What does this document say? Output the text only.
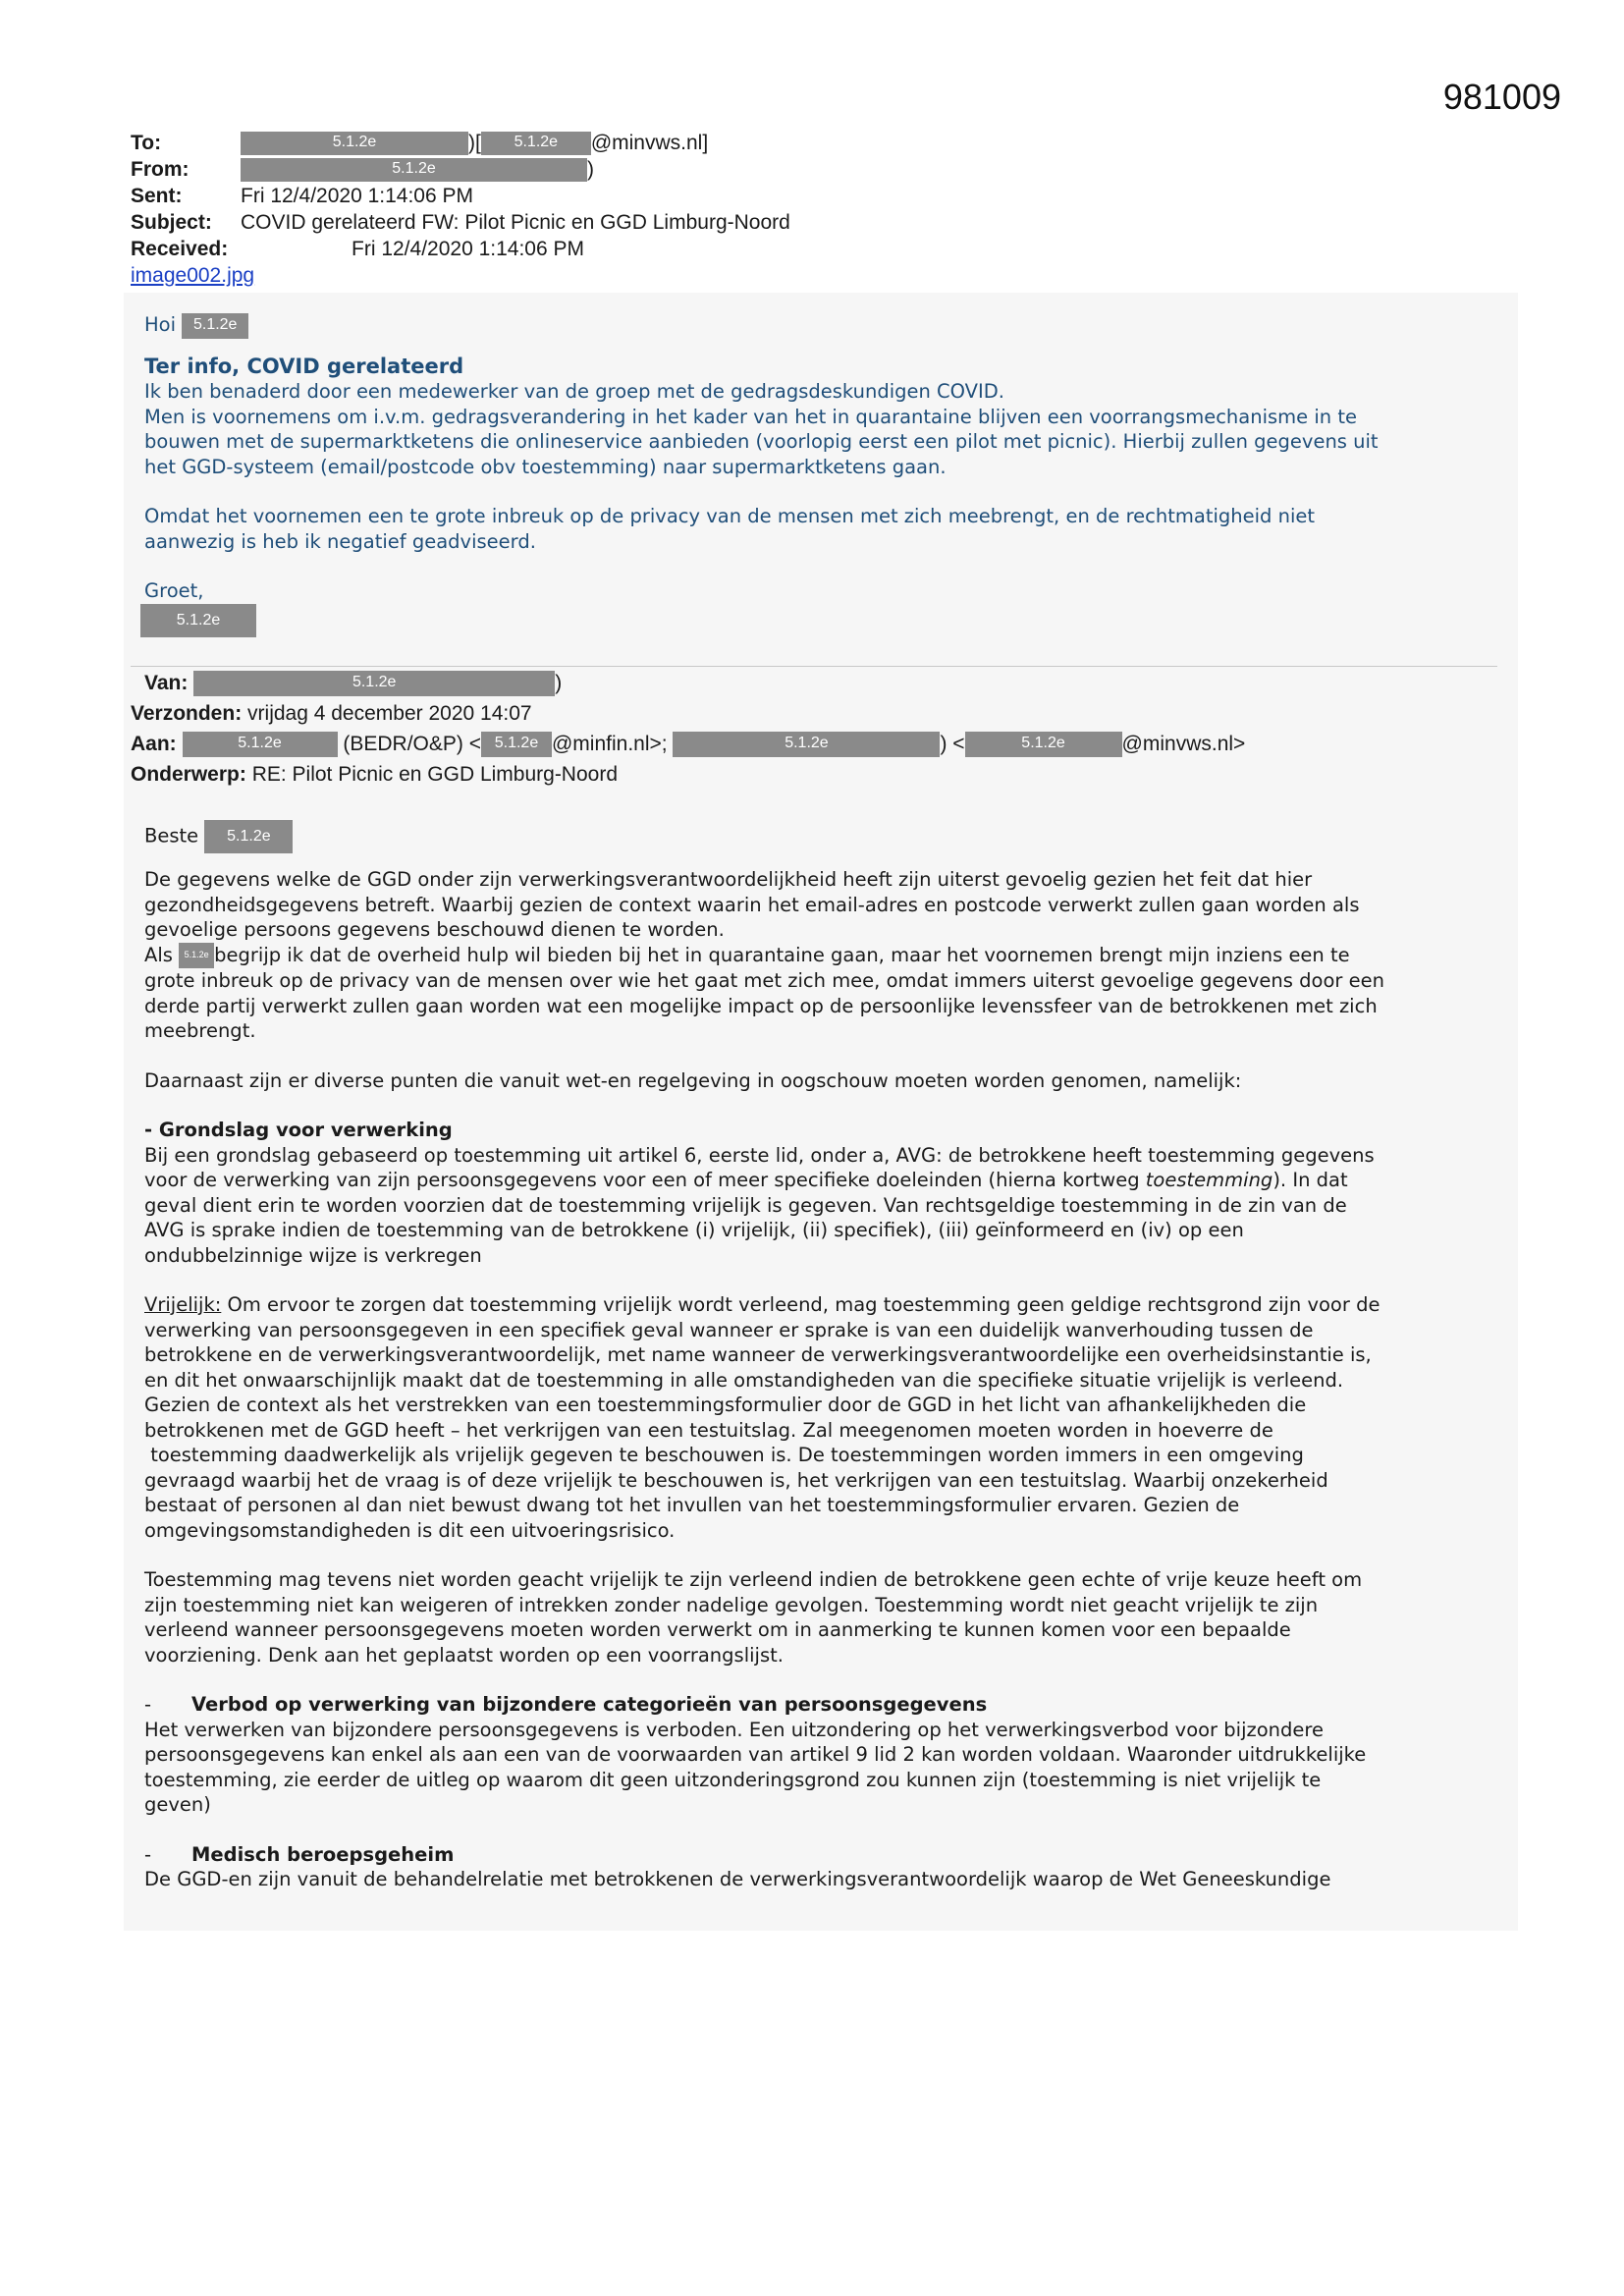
981009
To:	5.1.2e	)[ 5.1.2e @minvws.nl]
From:	5.1.2e	)
Sent:	Fri 12/4/2020 1:14:06 PM
Subject: COVID gerelateerd FW: Pilot Picnic en GGD Limburg-Noord
Received:	Fri 12/4/2020 1:14:06 PM
image002.jpg
Hoi 5.1.2e
Ter info, COVID gerelateerd
Ik ben benaderd door een medewerker van de groep met de gedragsdeskundigen COVID.
Men is voornemens om i.v.m. gedragsverandering in het kader van het in quarantaine blijven een voorrangsmechanisme in te
bouwen met de supermarktketens die onlineservice aanbieden (voorlopig eerst een pilot met picnic). Hierbij zullen gegevens uit
het GGD-systeem (email/postcode obv toestemming) naar supermarktketens gaan.
Omdat het voornemen een te grote inbreuk op de privacy van de mensen met zich meebrengt, en de rechtmatigheid niet
aanwezig is heb ik negatief geadviseerd.
Groet,
5.1.2e
Van:	5.1.2e	)
Verzonden: vrijdag 4 december 2020 14:07
Aan:	5.1.2e	(BEDR/O&P) < 5.1.2e @minfin.nl>;	5.1.2e	) <	5.1.2e	@minvws.nl>
Onderwerp: RE: Pilot Picnic en GGD Limburg-Noord
Beste 5.1.2e
De gegevens welke de GGD onder zijn verwerkingsverantwoordelijkheid heeft zijn uiterst gevoelig gezien het feit dat hier
gezondheidsgegevens betreft. Waarbij gezien de context waarin het email-adres en postcode verwerkt zullen gaan worden als
gevoelige persoons gegevens beschouwd dienen te worden.
Als 5.1.2e begrijp ik dat de overheid hulp wil bieden bij het in quarantaine gaan, maar het voornemen brengt mijn inziens een te
grote inbreuk op de privacy van de mensen over wie het gaat met zich mee, omdat immers uiterst gevoelige gegevens door een
derde partij verwerkt zullen gaan worden wat een mogelijke impact op de persoonlijke levenssfeer van de betrokkenen met zich
meebrengt.
Daarnaast zijn er diverse punten die vanuit wet-en regelgeving in oogschouw moeten worden genomen, namelijk:
- Grondslag voor verwerking
Bij een grondslag gebaseerd op toestemming uit artikel 6, eerste lid, onder a, AVG: de betrokkene heeft toestemming gegevens
voor de verwerking van zijn persoonsgegevens voor een of meer specifieke doeleinden (hierna kortweg toestemming). In dat
geval dient erin te worden voorzien dat de toestemming vrijelijk is gegeven. Van rechtsgeldige toestemming in de zin van de
AVG is sprake indien de toestemming van de betrokkene (i) vrijelijk, (ii) specifiek), (iii) geïnformeerd en (iv) op een
ondubbelzinnige wijze is verkregen
Vrijelijk: Om ervoor te zorgen dat toestemming vrijelijk wordt verleend, mag toestemming geen geldige rechtsgrond zijn voor de
verwerking van persoonsgegeven in een specifiek geval wanneer er sprake is van een duidelijk wanverhouding tussen de
betrokkene en de verwerkingsverantwoordelijk, met name wanneer de verwerkingsverantwoordelijke een overheidsinstantie is,
en dit het onwaarschijnlijk maakt dat de toestemming in alle omstandigheden van die specifieke situatie vrijelijk is verleend.
Gezien de context als het verstrekken van een toestemmingsformulier door de GGD in het licht van afhankelijkheden die
betrokkenen met de GGD heeft – het verkrijgen van een testuitslag. Zal meegenomen moeten worden in hoeverre de
toestemming daadwerkelijk als vrijelijk gegeven te beschouwen is. De toestemmingen worden immers in een omgeving
gevraagd waarbij het de vraag is of deze vrijelijk te beschouwen is, het verkrijgen van een testuitslag. Waarbij onzekerheid
bestaat of personen al dan niet bewust dwang tot het invullen van het toestemmingsformulier ervaren. Gezien de
omgevingsomstandigheden is dit een uitvoeringsrisico.
Toestemming mag tevens niet worden geacht vrijelijk te zijn verleend indien de betrokkene geen echte of vrije keuze heeft om
zijn toestemming niet kan weigeren of intrekken zonder nadelige gevolgen. Toestemming wordt niet geacht vrijelijk te zijn
verleend wanneer persoonsgegevens moeten worden verwerkt om in aanmerking te kunnen komen voor een bepaalde
voorziening. Denk aan het geplaatst worden op een voorrangslijst.
- Verbod op verwerking van bijzondere categorieën van persoonsgegevens
Het verwerken van bijzondere persoonsgegevens is verboden. Een uitzondering op het verwerkingsverbod voor bijzondere
persoonsgegevens kan enkel als aan een van de voorwaarden van artikel 9 lid 2 kan worden voldaan. Waaronder uitdrukkelijke
toestemming, zie eerder de uitleg op waarom dit geen uitzonderingsgrond zou kunnen zijn (toestemming is niet vrijelijk te
geven)
- Medisch beroepsgeheim
De GGD-en zijn vanuit de behandelrelatie met betrokkenen de verwerkingsverantwoordelijk waarop de Wet Geneeskundige
